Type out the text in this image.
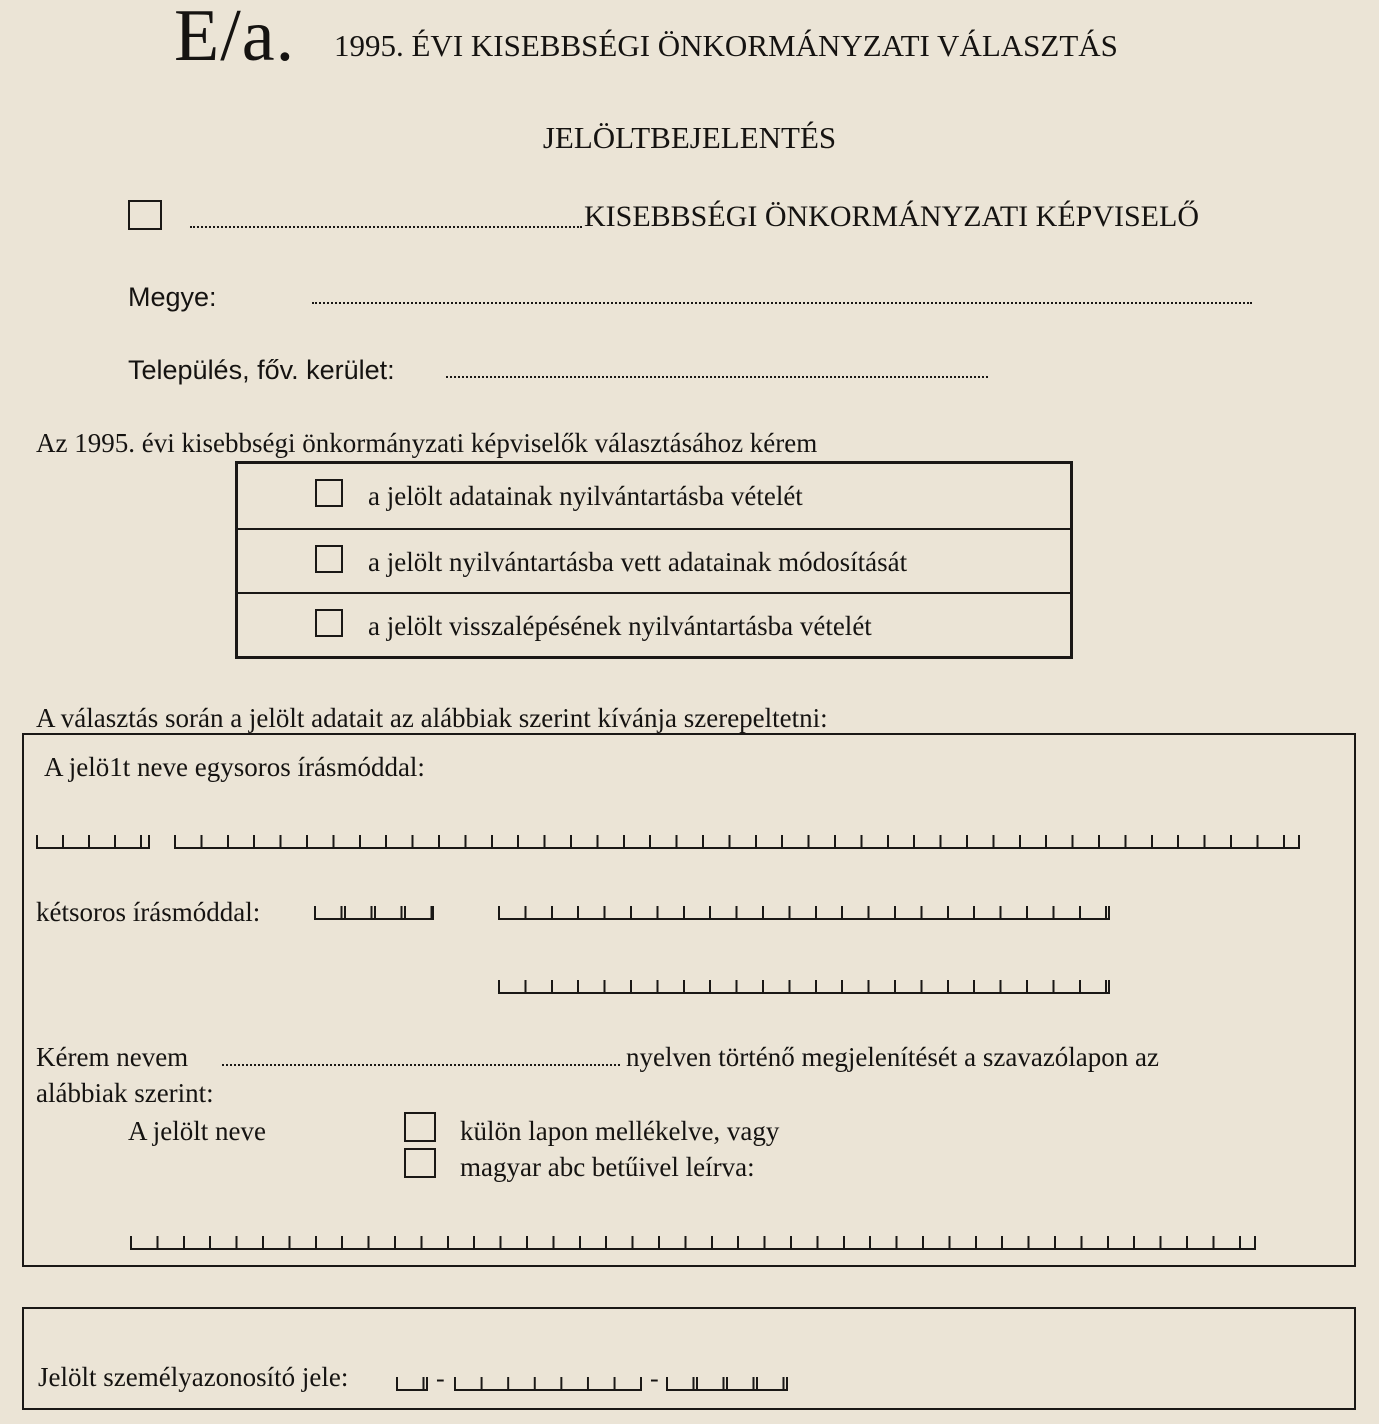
E/a. 1995. ÉVI KISEBBSÉGI ÖNKORMÁNYZATI VÁLASZTÁS
JELÖLTBEJELENTÉS
KISEBBSÉGI ÖNKORMÁNYZATI KÉPVISELŐ
Megye:
Település, főv. kerület:
Az 1995. évi kisebbségi önkormányzati képviselők választásához kérem
a jelölt adatainak nyilvántartásba vételét
a jelölt nyilvántartásba vett adatainak módosítását
a jelölt visszalépésének nyilvántartásba vételét
A választás során a jelölt adatait az alábbiak szerint kívánja szerepeltetni:
A jelö1t neve egysoros írásmóddal:
kétsoros írásmóddal:
Kérem nevem	nyelven történő megjelenítését a szavazólapon az
alábbiak szerint:
A jelölt neve	külön lapon mellékelve, vagy
magyar abc betűivel leírva:
Jelölt személyazonosító jele:	-	-
